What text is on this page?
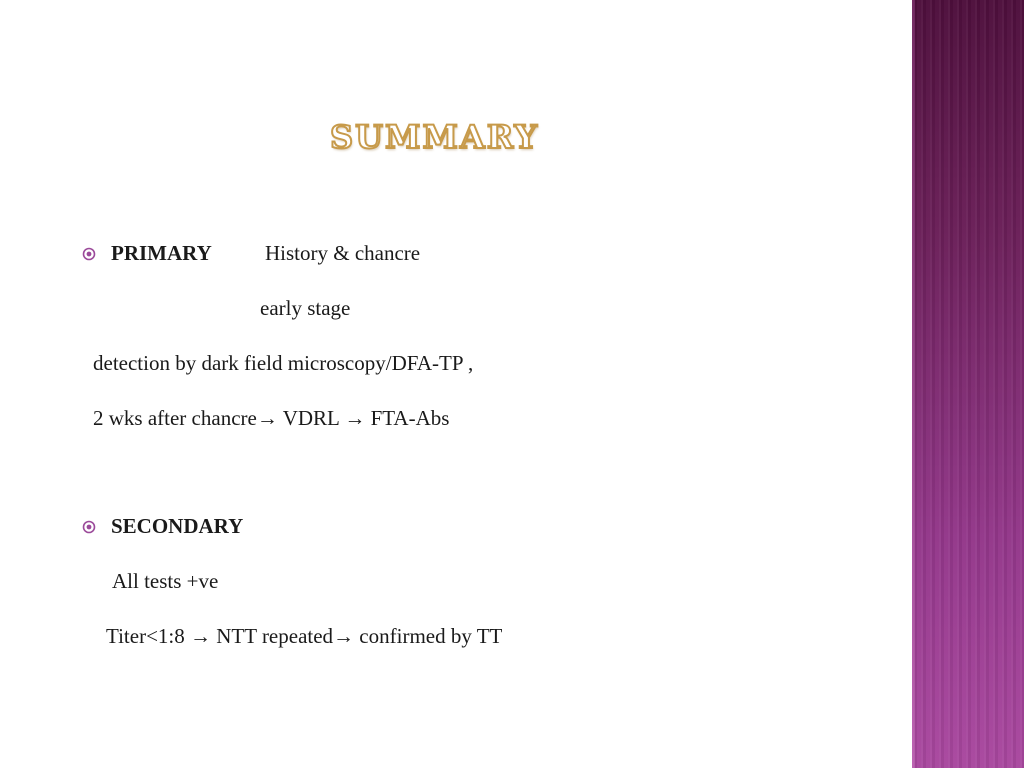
summary
PRIMARY	History & chancre
early stage
detection by dark field microscopy/DFA-TP ,
2 wks after chancre→ VDRL → FTA-Abs
SECONDARY
All tests +ve
Titer<1:8 → NTT repeated→ confirmed by TT
